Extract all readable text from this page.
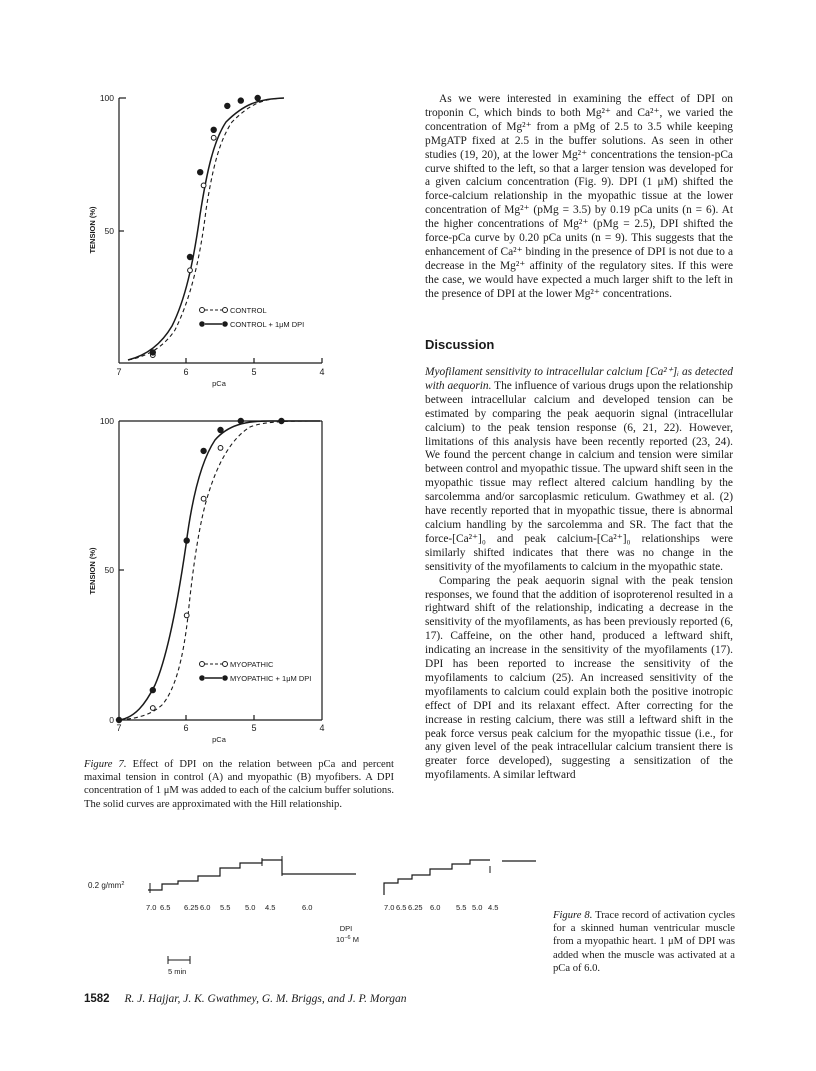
100
50
7	6	5	4
pCa
TENSION (%)
CONTROL
CONTROL + 1μM DPI
100
50
0
7	6	5	4
pCa
TENSION (%)
MYOPATHIC
MYOPATHIC + 1μM DPI

Figure 7. Effect of DPI on the relation between pCa and percent maximal tension in control (A) and myopathic (B) myofibers. A DPI concentration of 1 μM was added to each of the calcium buffer solutions. The solid curves are approximated with the Hill relationship.

As we were interested in examining the effect of DPI on troponin C, which binds to both Mg²⁺ and Ca²⁺, we varied the concentration of Mg²⁺ from a pMg of 2.5 to 3.5 while keeping pMgATP fixed at 2.5 in the buffer solutions. As seen in other studies (19, 20), at the lower Mg²⁺ concentrations the tension-pCa curve shifted to the left, so that a larger tension was developed for a given calcium concentration (Fig. 9). DPI (1 μM) shifted the force-calcium relationship in the myopathic tissue at the lower concentration of Mg²⁺ (pMg = 3.5) by 0.19 pCa units (n = 6). At the higher concentrations of Mg²⁺ (pMg = 2.5), DPI shifted the force-pCa curve by 0.20 pCa units (n = 9). This suggests that the enhancement of Ca²⁺ binding in the presence of DPI is not due to a decrease in the Mg²⁺ affinity of the regulatory sites. If this were the case, we would have expected a much larger shift to the left in the presence of DPI at the lower Mg²⁺ concentrations.

Discussion

Myofilament sensitivity to intracellular calcium [Ca²⁺]ᵢ as detected with aequorin. The influence of various drugs upon the relationship between intracellular calcium and developed tension can be estimated by comparing the peak aequorin signal (intracellular calcium) to the peak tension response (6, 21, 22). However, limitations of this analysis have been recently reported (23, 24). We found the percent change in calcium and tension were similar between control and myopathic tissue. The upward shift seen in the myopathic tissue may reflect altered calcium handling by the sarcolemma and/or sarcoplasmic reticulum. Gwathmey et al. (2) have recently reported that in myopathic tissue, there is abnormal calcium handling by the sarcolemma and SR. The fact that the force-[Ca²⁺]₀ and peak calcium-[Ca²⁺]₀ relationships were similarly shifted indicates that there was no change in the sensitivity of the myofilaments to calcium in the myopathic state.

Comparing the peak aequorin signal with the peak tension responses, we found that the addition of isoproterenol resulted in a rightward shift of the relationship, indicating a decrease in the sensitivity of the myofilaments, as has been previously reported (6, 17). Caffeine, on the other hand, produced a leftward shift, indicating an increase in the sensitivity of the myofilaments (17). DPI has been reported to increase the sensitivity of the myofilaments to calcium (25). An increased sensitivity of the myofilaments to calcium could explain both the positive inotropic effect of DPI and its relaxant effect. After correcting for the increase in resting calcium, there was still a leftward shift in the peak force versus peak calcium for the myopathic tissue (i.e., for any given level of the peak intracellular calcium transient there is greater force developed), suggesting a sensitization of the myofilaments. A similar leftward

0.2 $g/mm^2$
7.0 6.5 6.25 6.0 5.5 5.0 4.5	6.0	7.0 6.5 6.25 6.0 5.5 5.0 4.5
DPI
$10^{-6}$ M
5 min

Figure 8. Trace record of activation cycles for a skinned human ventricular muscle from a myopathic heart. 1 μM of DPI was added when the muscle was activated at a pCa of 6.0.

1582 R. J. Hajjar, J. K. Gwathmey, G. M. Briggs, and J. P. Morgan
